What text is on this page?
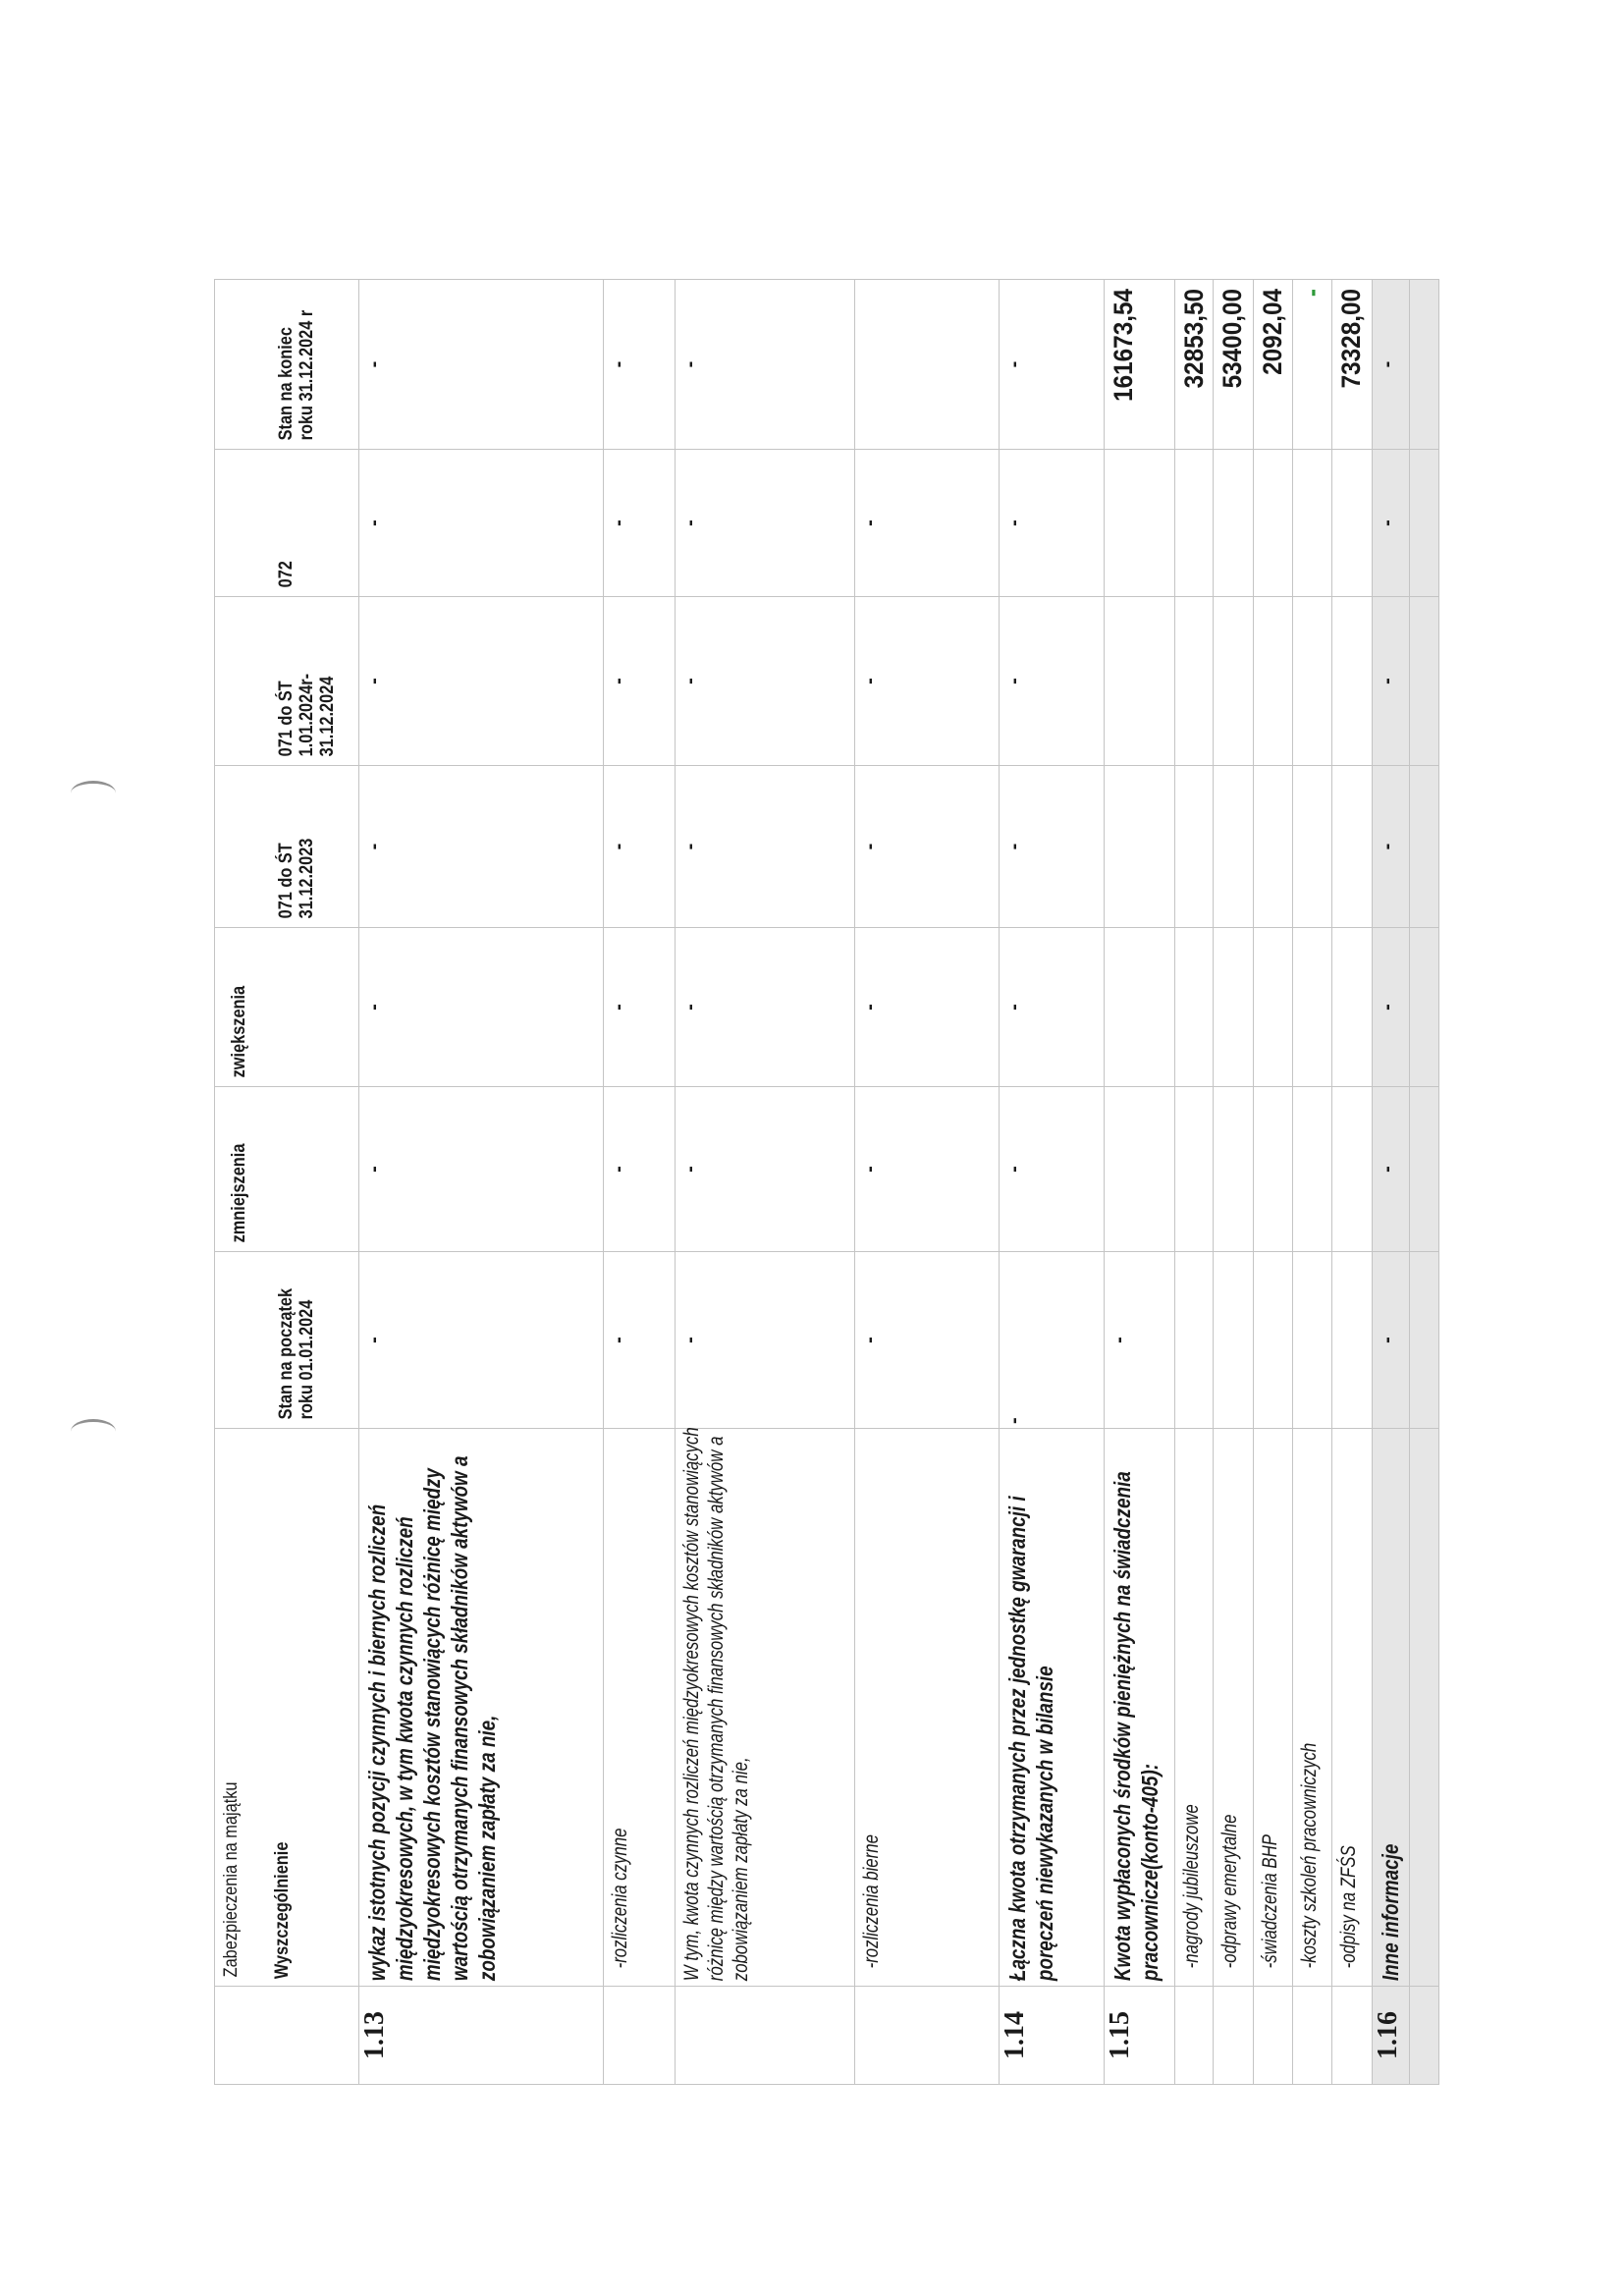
	Zabezpieczenia na majątku Wyszczególnienie	Stan na początek roku 01.01.2024	zmniejszenia	zwiększenia	071 do ŚT 31.12.2023	071 do ŚT 1.01.2024r- 31.12.2024	072	Stan na koniec roku 31.12.2024 r

1.13	wykaz istotnych pozycji czynnych i biernych rozliczeń międzyokresowych, w tym kwota czynnych rozliczeń międzyokresowych kosztów stanowiących różnicę między wartością otrzymanych finansowych składników aktywów a zobowiązaniem zapłaty za nie,	-	-	-	-	-	-	-

	-rozliczenia czynne	-	-	-	-	-	-	-

	W tym, kwota czynnych rozliczeń międzyokresowych kosztów stanowiących różnicę między wartością otrzymanych finansowych składników aktywów a zobowiązaniem zapłaty za nie,	-	-	-	-	-	-	-

	-rozliczenia bierne	-	-	-	-	-	-	

1.14	Łączna kwota otrzymanych przez jednostkę gwarancji i poręczeń niewykazanych w bilansie	-	-	-	-	-	-	-

1.15	Kwota wypłaconych środków pieniężnych na świadczenia pracownicze(konto-405):	-						161673,54

	-nagrody jubileuszowe							32853,50

	-odprawy emerytalne							53400,00

	-świadczenia BHP							2092,04

	-koszty szkoleń pracowniczych							-

	-odpisy na ZFŚS							73328,00

1.16	Inne informacje	-	-	-	-	-	-	-
